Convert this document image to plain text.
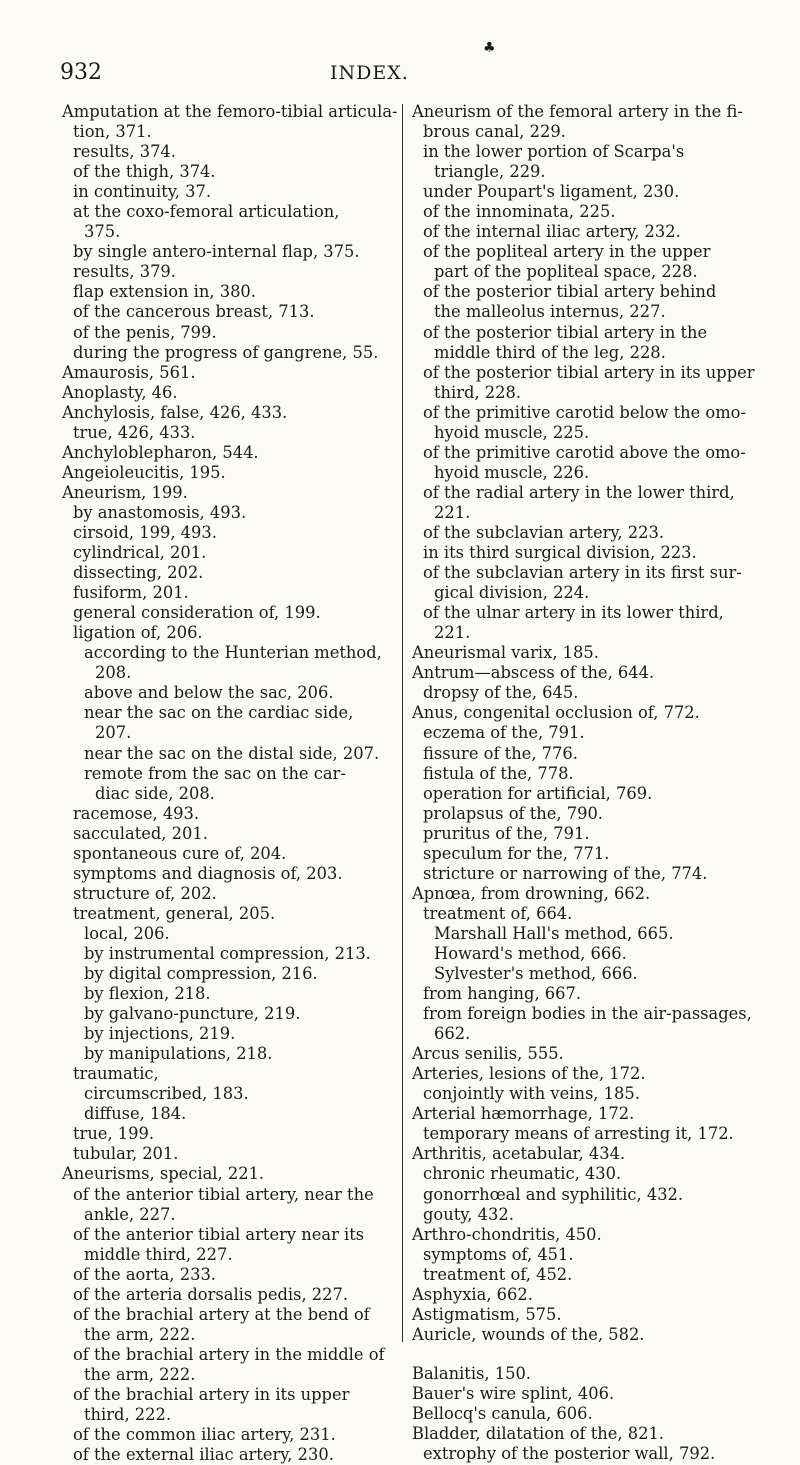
932	INDEX.
♣
Amputation at the femoro-tibial articula-
tion, 371.
results, 374.
of the thigh, 374.
in continuity, 37.
at the coxo-femoral articulation,
375.
by single antero-internal flap, 375.
results, 379.
flap extension in, 380.
of the cancerous breast, 713.
of the penis, 799.
during the progress of gangrene, 55.
Amaurosis, 561.
Anoplasty, 46.
Anchylosis, false, 426, 433.
true, 426, 433.
Anchyloblepharon, 544.
Angeioleucitis, 195.
Aneurism, 199.
by anastomosis, 493.
cirsoid, 199, 493.
cylindrical, 201.
dissecting, 202.
fusiform, 201.
general consideration of, 199.
ligation of, 206.
according to the Hunterian method,
208.
above and below the sac, 206.
near the sac on the cardiac side,
207.
near the sac on the distal side, 207.
remote from the sac on the car-
diac side, 208.
racemose, 493.
sacculated, 201.
spontaneous cure of, 204.
symptoms and diagnosis of, 203.
structure of, 202.
treatment, general, 205.
local, 206.
by instrumental compression, 213.
by digital compression, 216.
by flexion, 218.
by galvano-puncture, 219.
by injections, 219.
by manipulations, 218.
traumatic,
circumscribed, 183.
diffuse, 184.
true, 199.
tubular, 201.
Aneurisms, special, 221.
of the anterior tibial artery, near the
ankle, 227.
of the anterior tibial artery near its
middle third, 227.
of the aorta, 233.
of the arteria dorsalis pedis, 227.
of the brachial artery at the bend of
the arm, 222.
of the brachial artery in the middle of
the arm, 222.
of the brachial artery in its upper
third, 222.
of the common iliac artery, 231.
of the external iliac artery, 230.
Aneurism of the femoral artery in the fi-
brous canal, 229.
in the lower portion of Scarpa's
triangle, 229.
under Poupart's ligament, 230.
of the innominata, 225.
of the internal iliac artery, 232.
of the popliteal artery in the upper
part of the popliteal space, 228.
of the posterior tibial artery behind
the malleolus internus, 227.
of the posterior tibial artery in the
middle third of the leg, 228.
of the posterior tibial artery in its upper
third, 228.
of the primitive carotid below the omo-
hyoid muscle, 225.
of the primitive carotid above the omo-
hyoid muscle, 226.
of the radial artery in the lower third,
221.
of the subclavian artery, 223.
in its third surgical division, 223.
of the subclavian artery in its first sur-
gical division, 224.
of the ulnar artery in its lower third,
221.
Aneurismal varix, 185.
Antrum—abscess of the, 644.
dropsy of the, 645.
Anus, congenital occlusion of, 772.
eczema of the, 791.
fissure of the, 776.
fistula of the, 778.
operation for artificial, 769.
prolapsus of the, 790.
pruritus of the, 791.
speculum for the, 771.
stricture or narrowing of the, 774.
Apnœa, from drowning, 662.
treatment of, 664.
Marshall Hall's method, 665.
Howard's method, 666.
Sylvester's method, 666.
from hanging, 667.
from foreign bodies in the air-passages,
662.
Arcus senilis, 555.
Arteries, lesions of the, 172.
conjointly with veins, 185.
Arterial hæmorrhage, 172.
temporary means of arresting it, 172.
Arthritis, acetabular, 434.
chronic rheumatic, 430.
gonorrhœal and syphilitic, 432.
gouty, 432.
Arthro-chondritis, 450.
symptoms of, 451.
treatment of, 452.
Asphyxia, 662.
Astigmatism, 575.
Auricle, wounds of the, 582.
Balanitis, 150.
Bauer's wire splint, 406.
Bellocq's canula, 606.
Bladder, dilatation of the, 821.
extrophy of the posterior wall, 792.
